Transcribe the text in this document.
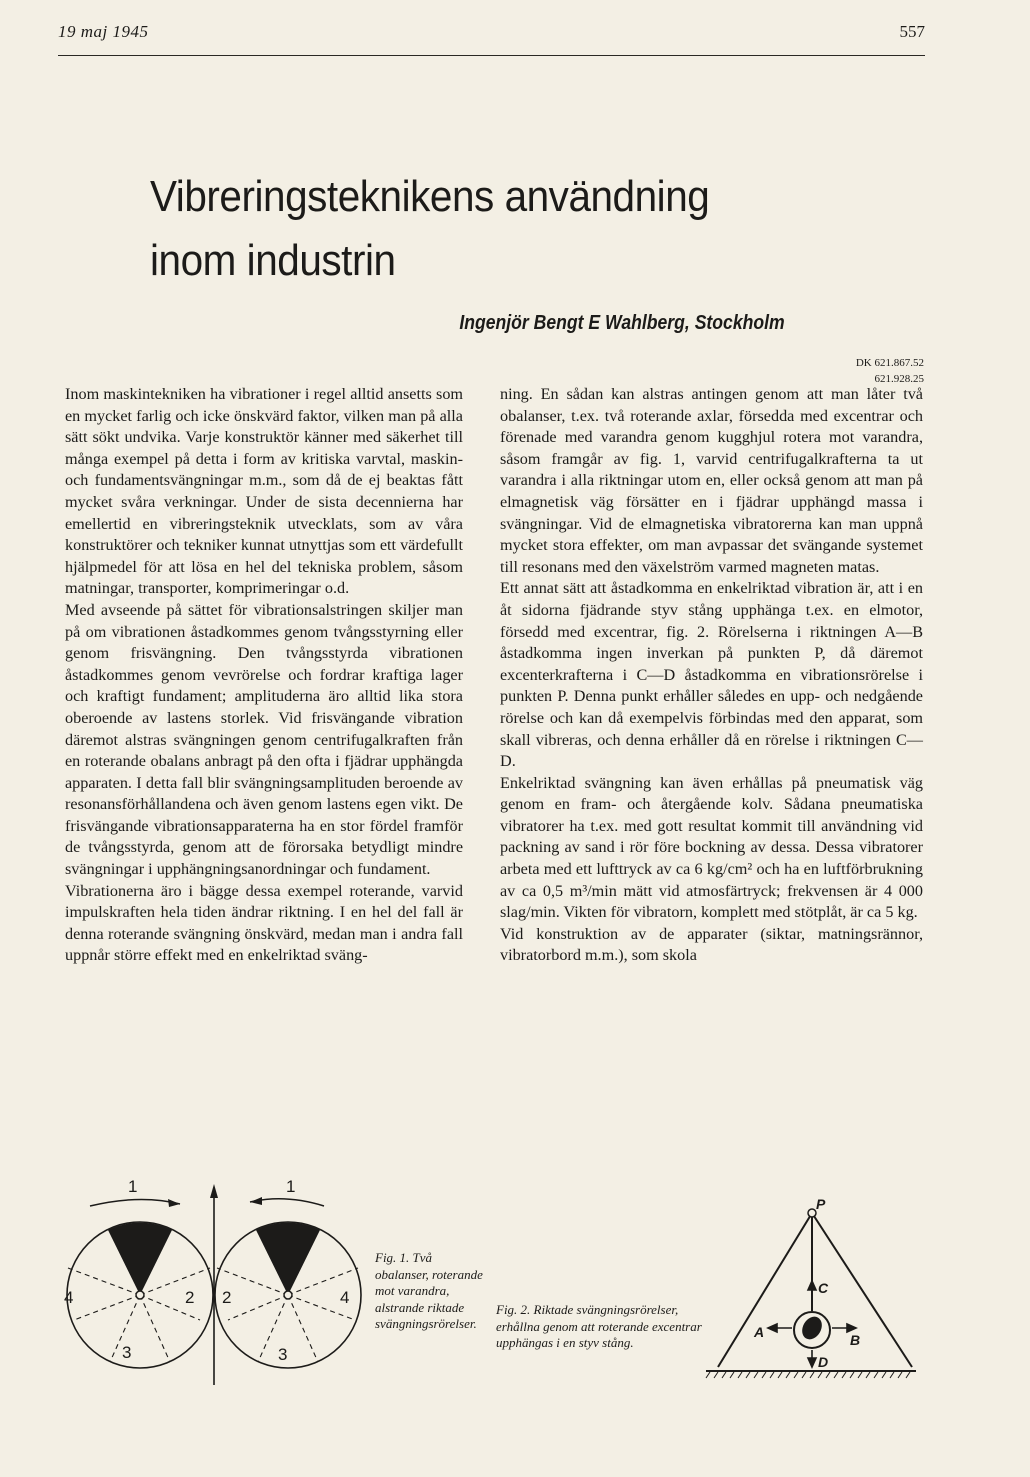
19 maj 1945	557
Vibreringsteknikens användning
inom industrin
Ingenjör Bengt E Wahlberg, Stockholm
DK 621.867.52
621.928.25

Inom maskintekniken ha vibrationer i regel alltid ansetts som en mycket farlig och icke önskvärd faktor, vilken man på alla sätt sökt undvika. Varje konstruktör känner med säkerhet till många exempel på detta i form av kritiska varvtal, maskin- och fundamentsvängningar m.m., som då de ej beaktas fått mycket svåra verkningar. Under de sista decennierna har emellertid en vibreringsteknik utvecklats, som av våra konstruktörer och tekniker kunnat utnyttjas som ett värdefullt hjälpmedel för att lösa en hel del tekniska problem, såsom matningar, transporter, komprimeringar o.d.

Med avseende på sättet för vibrationsalstringen skiljer man på om vibrationen åstadkommes genom tvångsstyrning eller genom frisvängning. Den tvångsstyrda vibrationen åstadkommes genom vevrörelse och fordrar kraftiga lager och kraftigt fundament; amplituderna äro alltid lika stora oberoende av lastens storlek. Vid frisvängande vibration däremot alstras svängningen genom centrifugalkraften från en roterande obalans anbragt på den ofta i fjädrar upphängda apparaten. I detta fall blir svängningsamplituden beroende av resonansförhållandena och även genom lastens egen vikt. De frisvängande vibrationsapparaterna ha en stor fördel framför de tvångsstyrda, genom att de förorsaka betydligt mindre svängningar i upphängningsanordningar och fundament.

Vibrationerna äro i bägge dessa exempel roterande, varvid impulskraften hela tiden ändrar riktning. I en hel del fall är denna roterande svängning önskvärd, medan man i andra fall uppnår större effekt med en enkelriktad sväng-

ning. En sådan kan alstras antingen genom att man låter två obalanser, t.ex. två roterande axlar, försedda med excentrar och förenade med varandra genom kugghjul rotera mot varandra, såsom framgår av fig. 1, varvid centrifugalkrafterna ta ut varandra i alla riktningar utom en, eller också genom att man på elmagnetisk väg försätter en i fjädrar upphängd massa i svängningar. Vid de elmagnetiska vibratorerna kan man uppnå mycket stora effekter, om man avpassar det svängande systemet till resonans med den växelström varmed magneten matas.

Ett annat sätt att åstadkomma en enkelriktad vibration är, att i en åt sidorna fjädrande styv stång upphänga t.ex. en elmotor, försedd med excentrar, fig. 2. Rörelserna i riktningen A—B åstadkomma ingen inverkan på punkten P, då däremot excenterkrafterna i C—D åstadkomma en vibrationsrörelse i punkten P. Denna punkt erhåller således en upp- och nedgående rörelse och kan då exempelvis förbindas med den apparat, som skall vibreras, och denna erhåller då en rörelse i riktningen C—D.

Enkelriktad svängning kan även erhållas på pneumatisk väg genom en fram- och återgående kolv. Sådana pneumatiska vibratorer ha t.ex. med gott resultat kommit till användning vid packning av sand i rör före bockning av dessa. Dessa vibratorer arbeta med ett lufttryck av ca 6 kg/cm² och ha en luftförbrukning av ca 0,5 m³/min mätt vid atmosfärtryck; frekvensen är 4 000 slag/min. Vikten för vibratorn, komplett med stötplåt, är ca 5 kg.

Vid konstruktion av de apparater (siktar, matningsrännor, vibratorbord m.m.), som skola

1	1
4	2
3
2	4
3
Fig. 1. Två obalanser, roterande mot varandra, alstrande riktade svängningsrörelser.
Fig. 2. Riktade svängningsrörelser, erhållna genom att roterande excentrar upphängas i en styv stång.
P
C
A	B
D
